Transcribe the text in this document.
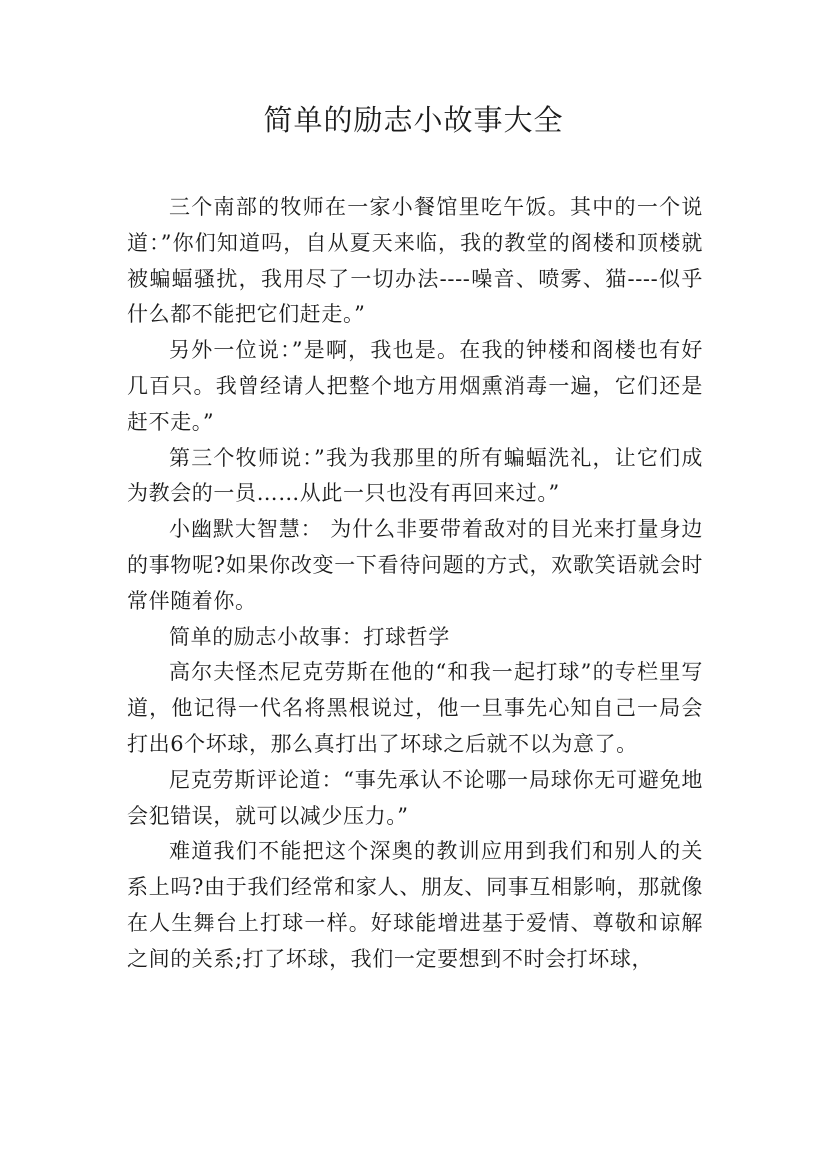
简单的励志小故事大全

三个南部的牧师在一家小餐馆里吃午饭。其中的一个说道：”你们知道吗，自从夏天来临，我的教堂的阁楼和顶楼就被蝙蝠骚扰，我用尽了一切办法----噪音、喷雾、猫----似乎什么都不能把它们赶走。”

另外一位说：”是啊，我也是。在我的钟楼和阁楼也有好几百只。我曾经请人把整个地方用烟熏消毒一遍，它们还是赶不走。”

第三个牧师说：”我为我那里的所有蝙蝠洗礼，让它们成为教会的一员……从此一只也没有再回来过。”

小幽默大智慧： 为什么非要带着敌对的目光来打量身边的事物呢?如果你改变一下看待问题的方式，欢歌笑语就会时常伴随着你。

简单的励志小故事：打球哲学

高尔夫怪杰尼克劳斯在他的“和我一起打球”的专栏里写道，他记得一代名将黑根说过，他一旦事先心知自己一局会打出6个坏球，那么真打出了坏球之后就不以为意了。

尼克劳斯评论道：“事先承认不论哪一局球你无可避免地会犯错误，就可以减少压力。”

难道我们不能把这个深奥的教训应用到我们和别人的关系上吗?由于我们经常和家人、朋友、同事互相影响，那就像在人生舞台上打球一样。好球能增进基于爱情、尊敬和谅解之间的关系;打了坏球，我们一定要想到不时会打坏球，
